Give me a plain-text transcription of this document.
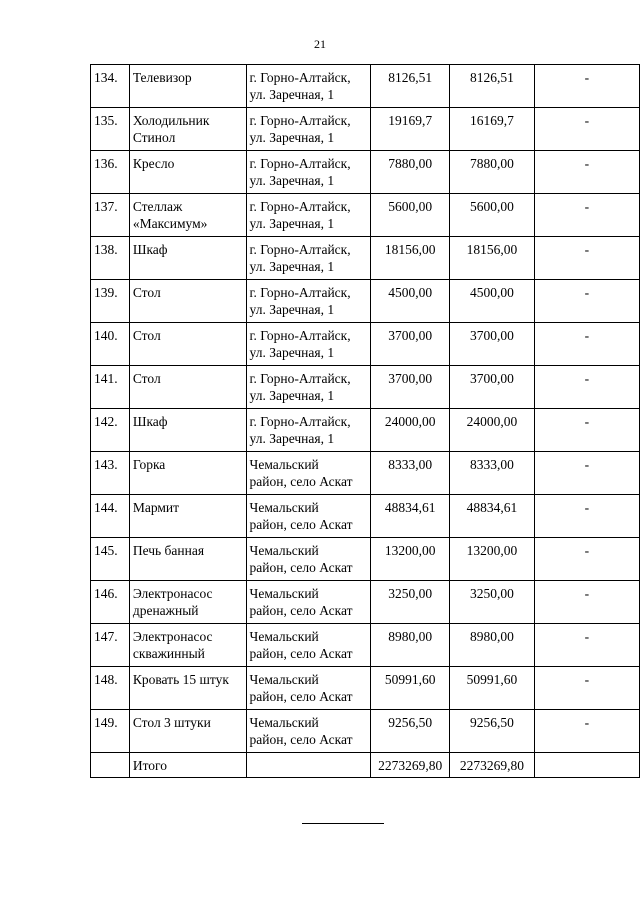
21
134.	Телевизор	г. Горно-Алтайск,
ул. Заречная, 1	8126,51	8126,51	-
135.	Холодильник
Стинол	г. Горно-Алтайск,
ул. Заречная, 1	19169,7	16169,7	-
136.	Кресло	г. Горно-Алтайск,
ул. Заречная, 1	7880,00	7880,00	-
137.	Стеллаж
«Максимум»	г. Горно-Алтайск,
ул. Заречная, 1	5600,00	5600,00	-
138.	Шкаф	г. Горно-Алтайск,
ул. Заречная, 1	18156,00	18156,00	-
139.	Стол	г. Горно-Алтайск,
ул. Заречная, 1	4500,00	4500,00	-
140.	Стол	г. Горно-Алтайск,
ул. Заречная, 1	3700,00	3700,00	-
141.	Стол	г. Горно-Алтайск,
ул. Заречная, 1	3700,00	3700,00	-
142.	Шкаф	г. Горно-Алтайск,
ул. Заречная, 1	24000,00	24000,00	-
143.	Горка	Чемальский
район, село Аскат	8333,00	8333,00	-
144.	Мармит	Чемальский
район, село Аскат	48834,61	48834,61	-
145.	Печь банная	Чемальский
район, село Аскат	13200,00	13200,00	-
146.	Электронасос
дренажный	Чемальский
район, село Аскат	3250,00	3250,00	-
147.	Электронасос
скважинный	Чемальский
район, село Аскат	8980,00	8980,00	-
148.	Кровать 15 штук	Чемальский
район, село Аскат	50991,60	50991,60	-
149.	Стол 3 штуки	Чемальский
район, село Аскат	9256,50	9256,50	-
	Итого		2273269,80	2273269,80	
